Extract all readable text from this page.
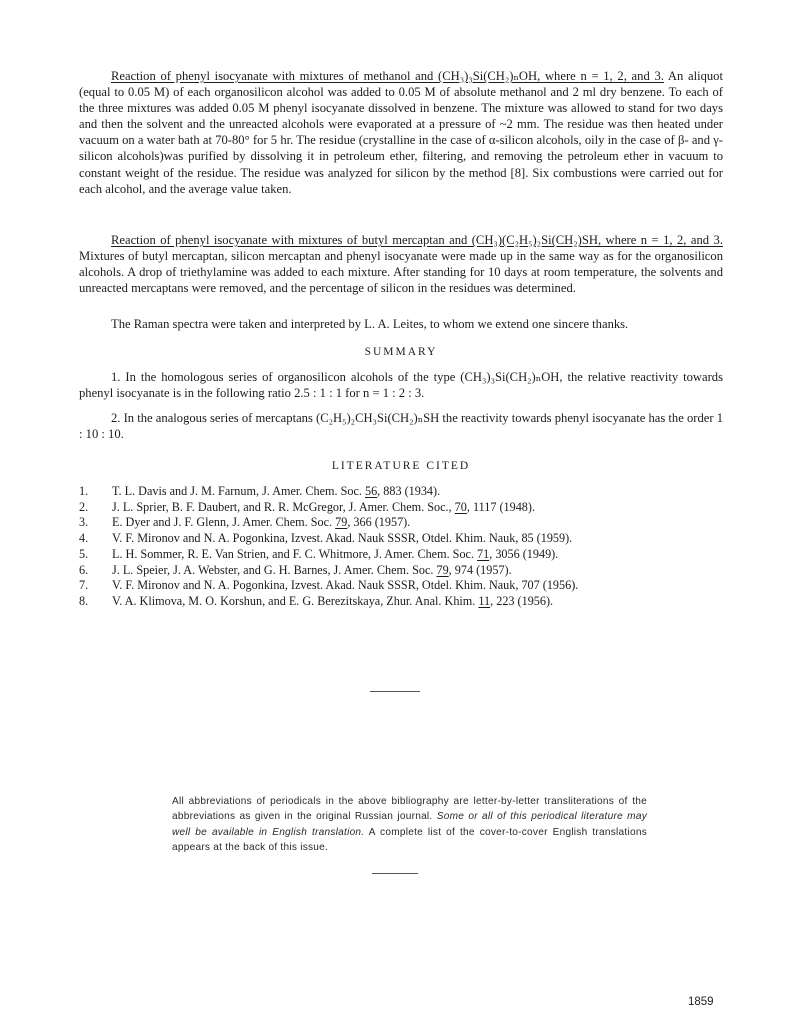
Reaction of phenyl isocyanate with mixtures of methanol and (CH₃)₃Si(CH₂)ₙOH, where n = 1, 2, and 3. An aliquot (equal to 0.05 M) of each organosilicon alcohol was added to 0.05 M of absolute methanol and 2 ml dry benzene. To each of the three mixtures was added 0.05 M phenyl isocyanate dissolved in benzene. The mixture was allowed to stand for two days and then the solvent and the unreacted alcohols were evaporated at a pressure of ~2 mm. The residue was then heated under vacuum on a water bath at 70-80° for 5 hr. The residue (crystalline in the case of α-silicon alcohols, oily in the case of β- and γ-silicon alcohols)was purified by dissolving it in petroleum ether, filtering, and removing the petroleum ether in vacuum to constant weight of the residue. The residue was analyzed for silicon by the method [8]. Six combustions were carried out for each alcohol, and the average value taken.

Reaction of phenyl isocyanate with mixtures of butyl mercaptan and (CH₃)(C₂H₅)₂Si(CH₂)SH, where n = 1, 2, and 3. Mixtures of butyl mercaptan, silicon mercaptan and phenyl isocyanate were made up in the same way as for the organosilicon alcohols. A drop of triethylamine was added to each mixture. After standing for 10 days at room temperature, the solvents and unreacted mercaptans were removed, and the percentage of silicon in the residues was determined.

The Raman spectra were taken and interpreted by L. A. Leites, to whom we extend one sincere thanks.

SUMMARY

1. In the homologous series of organosilicon alcohols of the type (CH₃)₃Si(CH₂)ₙOH, the relative reactivity towards phenyl isocyanate is in the following ratio 2.5 : 1 : 1 for n = 1 : 2 : 3.

2. In the analogous series of mercaptans (C₂H₅)₂CH₃Si(CH₂)ₙSH the reactivity towards phenyl isocyanate has the order 1 : 10 : 10.

LITERATURE CITED

1.	T. L. Davis and J. M. Farnum, J. Amer. Chem. Soc. 56, 883 (1934).
2.	J. L. Sprier, B. F. Daubert, and R. R. McGregor, J. Amer. Chem. Soc., 70, 1117 (1948).
3.	E. Dyer and J. F. Glenn, J. Amer. Chem. Soc. 79, 366 (1957).
4.	V. F. Mironov and N. A. Pogonkina, Izvest. Akad. Nauk SSSR, Otdel. Khim. Nauk, 85 (1959).
5.	L. H. Sommer, R. E. Van Strien, and F. C. Whitmore, J. Amer. Chem. Soc. 71, 3056 (1949).
6.	J. L. Speier, J. A. Webster, and G. H. Barnes, J. Amer. Chem. Soc. 79, 974 (1957).
7.	V. F. Mironov and N. A. Pogonkina, Izvest. Akad. Nauk SSSR, Otdel. Khim. Nauk, 707 (1956).
8.	V. A. Klimova, M. O. Korshun, and E. G. Berezitskaya, Zhur. Anal. Khim. 11, 223 (1956).

All abbreviations of periodicals in the above bibliography are letter-by-letter transliterations of the abbreviations as given in the original Russian journal. Some or all of this periodical literature may well be available in English translation. A complete list of the cover-to-cover English translations appears at the back of this issue.

1859
